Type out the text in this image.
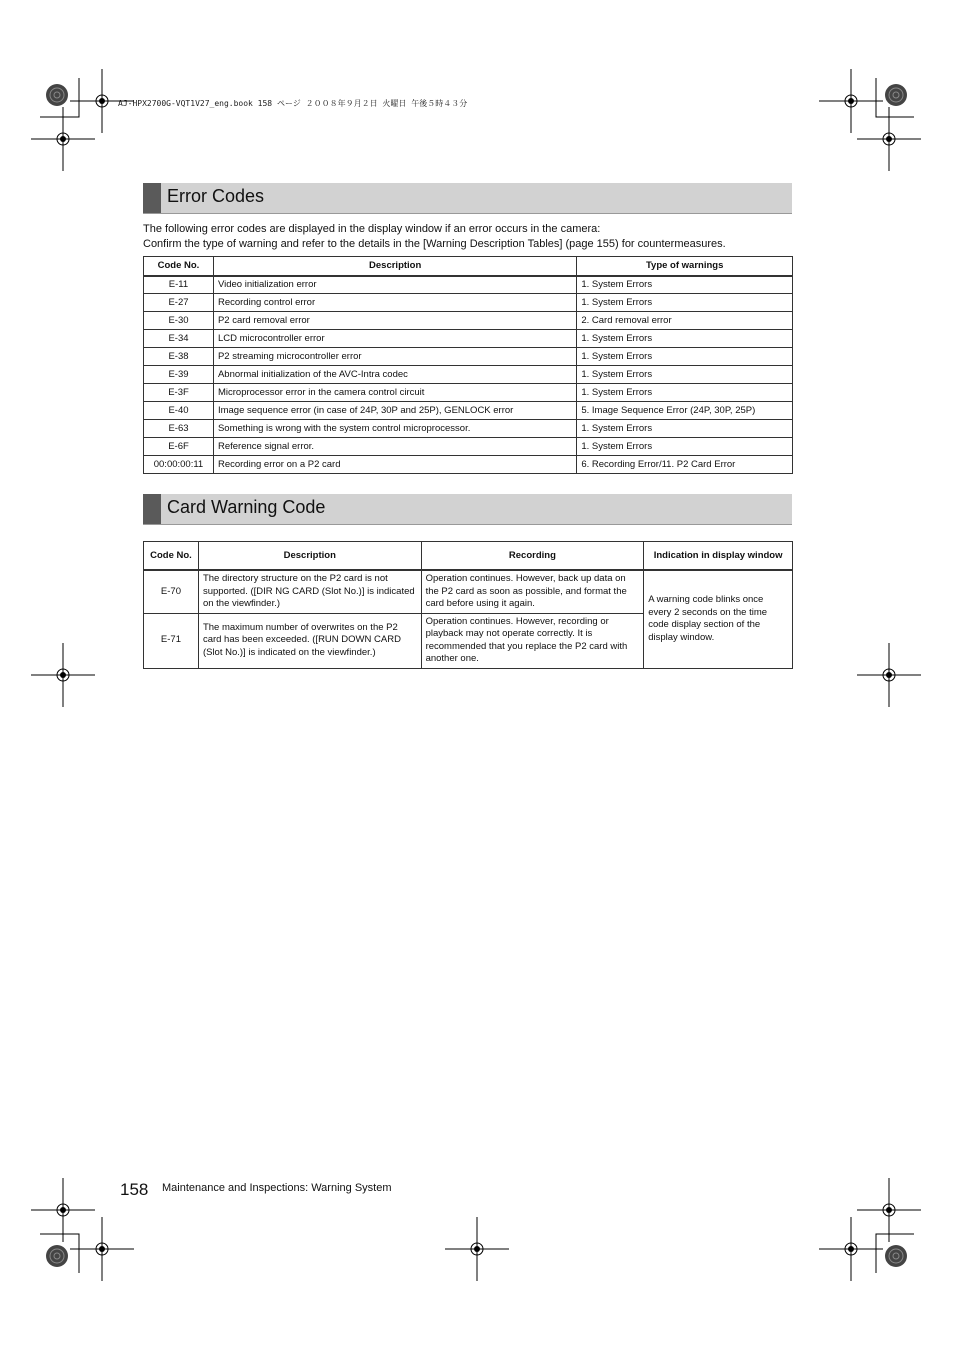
AJ-HPX2700G-VQT1V27_eng.book 158 ページ ２００８年９月２日 火曜日 午後５時４３分
Error Codes
The following error codes are displayed in the display window if an error occurs in the camera:
Confirm the type of warning and refer to the details in the [Warning Description Tables] (page 155) for countermeasures.
Code No.	Description	Type of warnings
E-11	Video initialization error	1. System Errors
E-27	Recording control error	1. System Errors
E-30	P2 card removal error	2. Card removal error
E-34	LCD microcontroller error	1. System Errors
E-38	P2 streaming microcontroller error	1. System Errors
E-39	Abnormal initialization of the AVC-Intra codec	1. System Errors
E-3F	Microprocessor error in the camera control circuit	1. System Errors
E-40	Image sequence error (in case of 24P, 30P and 25P), GENLOCK error	5. Image Sequence Error (24P, 30P, 25P)
E-63	Something is wrong with the system control microprocessor.	1. System Errors
E-6F	Reference signal error.	1. System Errors
00:00:00:11	Recording error on a P2 card	6. Recording Error/11. P2 Card Error
Card Warning Code
Code No.	Description	Recording	Indication in display window
E-70	The directory structure on the P2 card is not supported. ([DIR NG CARD (Slot No.)] is indicated on the viewfinder.)	Operation continues. However, back up data on the P2 card as soon as possible, and format the card before using it again.	A warning code blinks once every 2 seconds on the time code display section of the display window.
E-71	The maximum number of overwrites on the P2 card has been exceeded. ([RUN DOWN CARD (Slot No.)] is indicated on the viewfinder.)	Operation continues. However, recording or playback may not operate correctly. It is recommended that you replace the P2 card with another one.	
158 Maintenance and Inspections: Warning System
